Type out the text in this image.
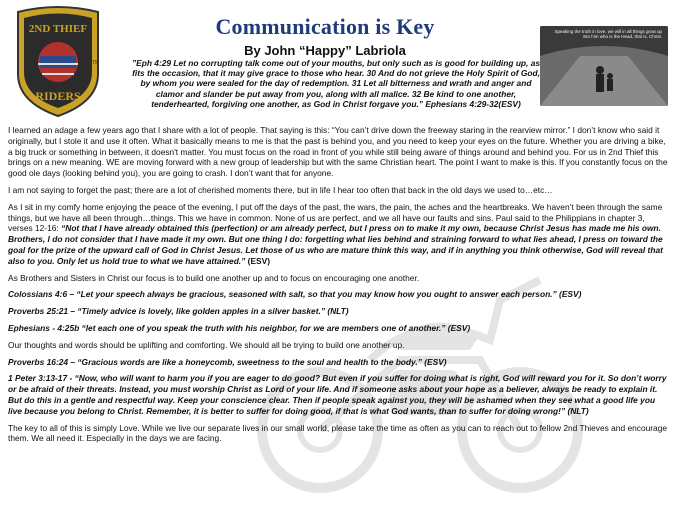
2ND THIEF
RIDERS
TM
Communication is Key
By John “Happy” Labriola
”Eph 4:29 Let no corrupting talk come out of your mouths, but only such as is good for building up, as fits the occasion, that it may give grace to those who hear. 30 And do not grieve the Holy Spirit of God, by whom you were sealed for the day of redemption. 31 Let all bitterness and wrath and anger and clamor and slander be put away from you, along with all malice. 32 Be kind to one another, tenderhearted, forgiving one another, as God in Christ forgave you.” Ephesians 4:29-32(ESV)
Speaking the truth in love, we will in all things grow up into him who is the Head, that is, Christ.

I learned an adage a few years ago that I share with a lot of people. That saying is this: “You can’t drive down the freeway staring in the rearview mirror.” I don’t know who said it originally, but I stole it and use it often. What it basically means to me is that the past is behind you, and you need to keep your eyes on the future. Whether you are driving a bike, a big truck or something in between, it doesn't matter. You must focus on the road in front of you while still being aware of things around and behind you. For us in 2nd Thief this brings on a new meaning. WE are moving forward with a new group of leadership but with the same Christian heart. The point I want to make is this. If you constantly focus on the good ole days (looking behind you), you are going to crash. I don’t want that for anyone.

I am not saying to forget the past; there are a lot of cherished moments there, but in life I hear too often that back in the old days we used to…etc…

As I sit in my comfy home enjoying the peace of the evening, I put off the days of the past, the wars, the pain, the aches and the heartbreaks. We haven’t been through the same things, but we have all been through…things. This we have in common. None of us are perfect, and we all have our faults and sins. Paul said to the Philippians in chapter 3, verses 12-16: “Not that I have already obtained this (perfection) or am already perfect, but I press on to make it my own, because Christ Jesus has made me his own. Brothers, I do not consider that I have made it my own. But one thing I do: forgetting what lies behind and straining forward to what lies ahead, I press on toward the goal for the prize of the upward call of God in Christ Jesus. Let those of us who are mature think this way, and if in anything you think otherwise, God will reveal that also to you. Only let us hold true to what we have attained.” (ESV)

As Brothers and Sisters in Christ our focus is to build one another up and to focus on encouraging one another.

Colossians 4:6 – “Let your speech always be gracious, seasoned with salt, so that you may know how you ought to answer each person.” (ESV)

Proverbs 25:21 – “Timely advice is lovely, like golden apples in a silver basket.” (NLT)

Ephesians - 4:25b “let each one of you speak the truth with his neighbor, for we are members one of another.” (ESV)

Our thoughts and words should be uplifting and comforting. We should all be trying to build one another up.

Proverbs 16:24 – “Gracious words are like a honeycomb, sweetness to the soul and health to the body.” (ESV)

1 Peter 3:13-17 - “Now, who will want to harm you if you are eager to do good? But even if you suffer for doing what is right, God will reward you for it. So don’t worry or be afraid of their threats. Instead, you must worship Christ as Lord of your life. And if someone asks about your hope as a believer, always be ready to explain it. But do this in a gentle and respectful way. Keep your conscience clear. Then if people speak against you, they will be ashamed when they see what a good life you live because you belong to Christ. Remember, it is better to suffer for doing good, if that is what God wants, than to suffer for doing wrong!” (NLT)

The key to all of this is simply Love. While we live our separate lives in our small world, please take the time as often as you can to reach out to fellow 2nd Thieves and encourage them. We all need it. Especially in the days we are facing.
